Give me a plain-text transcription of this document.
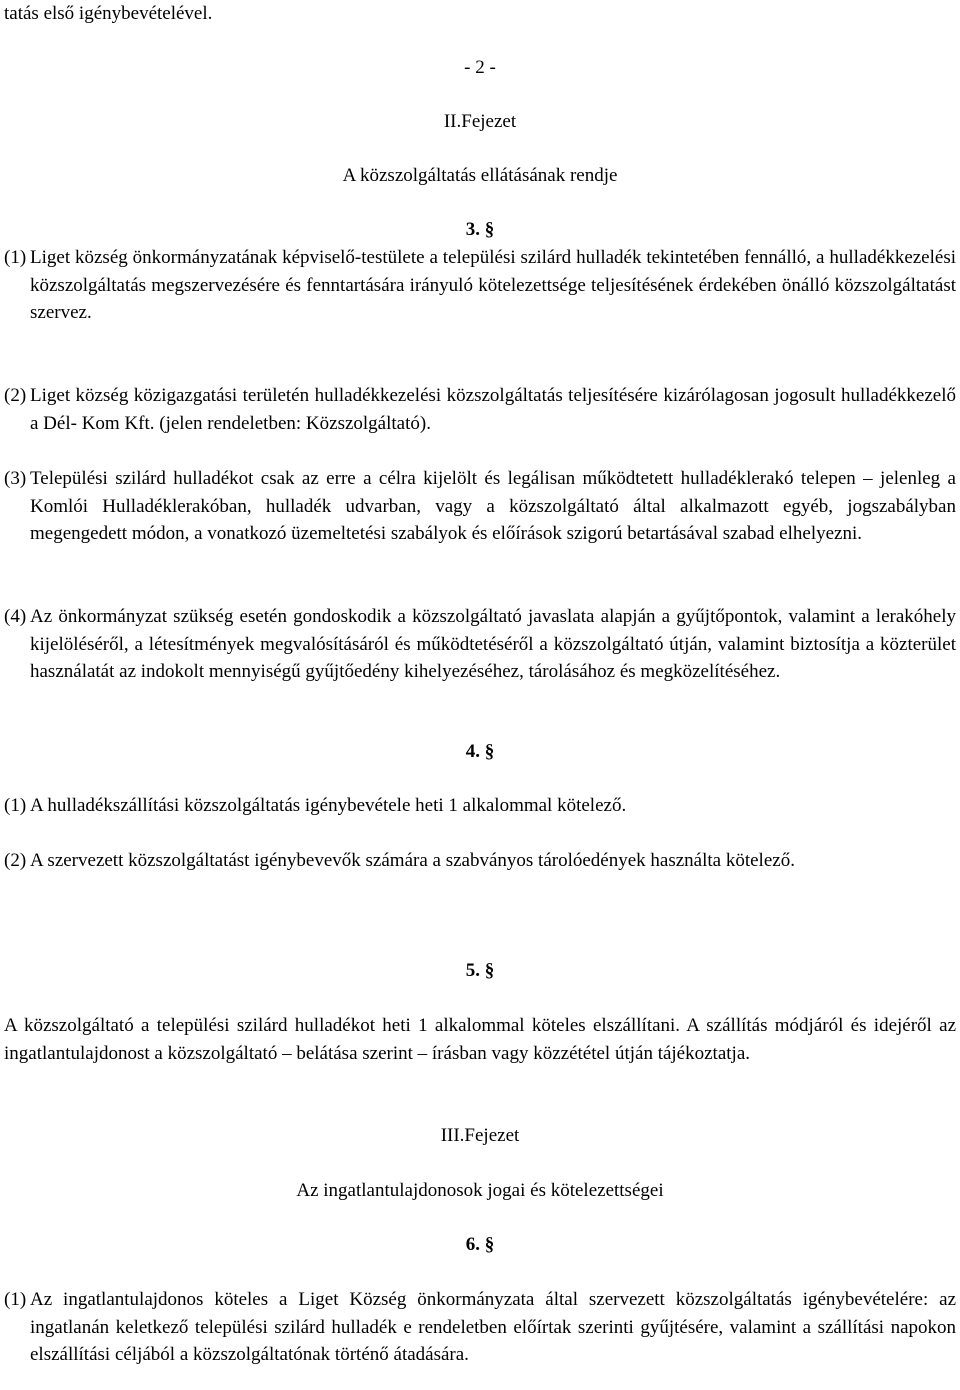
tatás első igénybevételével.
- 2 -
II.Fejezet
A közszolgáltatás ellátásának rendje
3. §
(1) Liget község önkormányzatának képviselő-testülete a települési szilárd hulladék tekintetében fennálló, a hulladékkezelési közszolgáltatás megszervezésére és fenntartására irányuló kötelezettsége teljesítésének érdekében önálló közszolgáltatást szervez.
(2) Liget község közigazgatási területén hulladékkezelési közszolgáltatás teljesítésére kizárólagosan jogosult hulladékkezelő a Dél- Kom Kft. (jelen rendeletben: Közszolgáltató).
(3) Települési szilárd hulladékot csak az erre a célra kijelölt és legálisan működtetett hulladéklerakó telepen – jelenleg a Komlói Hulladéklerakóban, hulladék udvarban, vagy a közszolgáltató által alkalmazott egyéb, jogszabályban megengedett módon, a vonatkozó üzemeltetési szabályok és előírások szigorú betartásával szabad elhelyezni.
(4) Az önkormányzat szükség esetén gondoskodik a közszolgáltató javaslata alapján a gyűjtőpontok, valamint a lerakóhely kijelöléséről, a létesítmények megvalósításáról és működtetéséről a közszolgáltató útján, valamint biztosítja a közterület használatát az indokolt mennyiségű gyűjtőedény kihelyezéséhez, tárolásához és megközelítéséhez.
4. §
(1) A hulladékszállítási közszolgáltatás igénybevétele heti 1 alkalommal kötelező.
(2) A szervezett közszolgáltatást igénybevevők számára a szabványos tárolóedények használta kötelező.
5. §
A közszolgáltató a települési szilárd hulladékot heti 1 alkalommal köteles elszállítani. A szállítás módjáról és idejéről az ingatlantulajdonost a közszolgáltató – belátása szerint – írásban vagy közzététel útján tájékoztatja.
III.Fejezet
Az ingatlantulajdonosok jogai és kötelezettségei
6. §
(1) Az ingatlantulajdonos köteles a Liget Község önkormányzata által szervezett közszolgáltatás igénybevételére: az ingatlanán keletkező települési szilárd hulladék e rendeletben előírtak szerinti gyűjtésére, valamint a szállítási napokon elszállítási céljából a közszolgáltatónak történő átadására.
